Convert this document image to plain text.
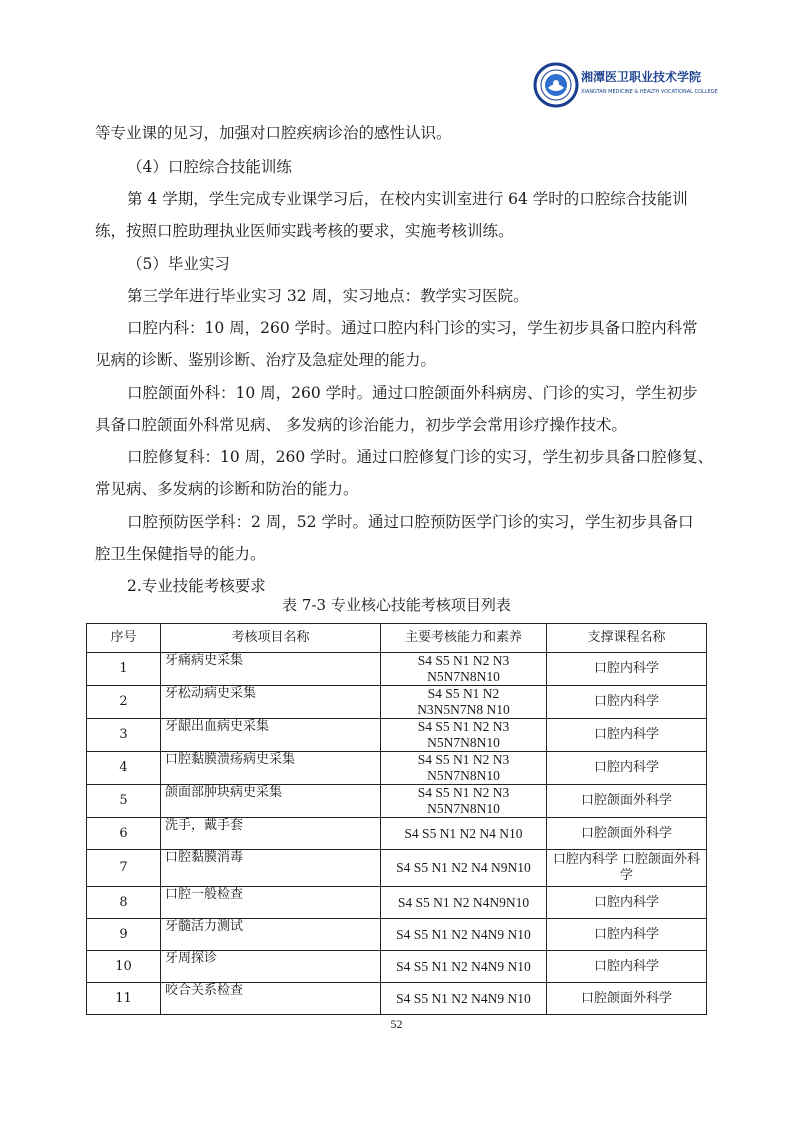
湘潭医卫职业技术学院
XIANGTAN MEDICINE & HEALTH VOCATIONAL COLLEGE
等专业课的见习，加强对口腔疾病诊治的感性认识。
（4）口腔综合技能训练
第 4 学期，学生完成专业课学习后，在校内实训室进行 64 学时的口腔综合技能训
练，按照口腔助理执业医师实践考核的要求，实施考核训练。
（5）毕业实习
第三学年进行毕业实习 32 周，实习地点：教学实习医院。
口腔内科：10 周，260 学时。通过口腔内科门诊的实习，学生初步具备口腔内科常
见病的诊断、鉴别诊断、治疗及急症处理的能力。
口腔颌面外科：10 周，260 学时。通过口腔颌面外科病房、门诊的实习，学生初步
具备口腔颌面外科常见病、 多发病的诊治能力，初步学会常用诊疗操作技术。
口腔修复科：10 周，260 学时。通过口腔修复门诊的实习，学生初步具备口腔修复、
常见病、多发病的诊断和防治的能力。
口腔预防医学科：2 周，52 学时。通过口腔预防医学门诊的实习，学生初步具备口
腔卫生保健指导的能力。
2.专业技能考核要求
表 7-3 专业核心技能考核项目列表
序号	考核项目名称	主要考核能力和素养	支撑课程名称
1	牙痛病史采集	S4 S5 N1 N2 N3
N5N7N8N10	口腔内科学
2	牙松动病史采集	S4 S5 N1 N2
N3N5N7N8 N10	口腔内科学
3	牙龈出血病史采集	S4 S5 N1 N2 N3
N5N7N8N10	口腔内科学
4	口腔黏膜溃疡病史采集	S4 S5 N1 N2 N3
N5N7N8N10	口腔内科学
5	颌面部肿块病史采集	S4 S5 N1 N2 N3
N5N7N8N10	口腔颌面外科学
6	洗手，戴手套	S4 S5 N1 N2 N4 N10	口腔颌面外科学
7	口腔黏膜消毒	S4 S5 N1 N2 N4 N9N10	口腔内科学 口腔颌面外科学
8	口腔一般检查	S4 S5 N1 N2 N4N9N10	口腔内科学
9	牙髓活力测试	S4 S5 N1 N2 N4N9 N10	口腔内科学
10	牙周探诊	S4 S5 N1 N2 N4N9 N10	口腔内科学
11	咬合关系检查	S4 S5 N1 N2 N4N9 N10	口腔颌面外科学
52
